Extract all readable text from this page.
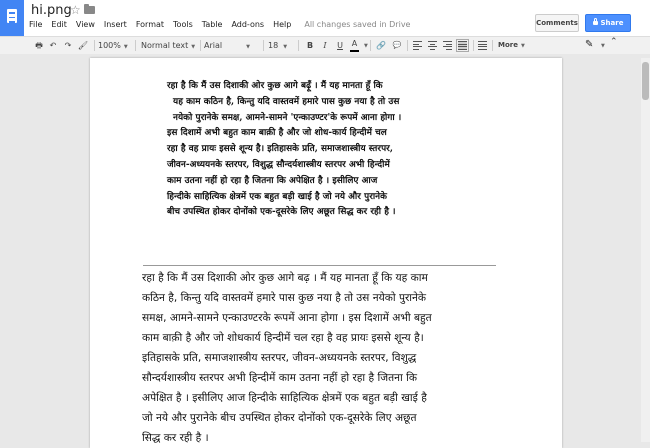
hi.png
☆
File Edit View Insert Format Tools Table Add-ons Help All changes saved in Drive	Comments	Share
🖶 ↶	↷ 🖌 100% ▼ Normal text ▼ Arial	▼	18 ▼	B	I	U A	▼ 🔗 💬	More ▼	✎ ▼ ⌃

रहा है कि मैं उस दिशाकी ओर कुछ आगे बढ़ूँ । मैं यह मानता हूँ कि

यह काम कठिन है, किन्तु यदि वास्तवमें हमारे पास कुछ नया है तो उस

नयेको पुरानेके समक्ष, आमने-सामने 'एन्काउण्टर'के रूपमें आना होगा ।

इस दिशामें अभी बहुत काम बाक़ी है और जो शोध-कार्य हिन्दीमें चल

रहा है वह प्रायः इससे शून्य है। इतिहासके प्रति, समाजशास्त्रीय स्तरपर,

जीवन-अध्ययनके स्तरपर, विशुद्ध सौन्दर्यशास्त्रीय स्तरपर अभी हिन्दीमें

काम उतना नहीं हो रहा है जितना कि अपेक्षित है । इसीलिए आज

हिन्दीके साहित्यिक क्षेत्रमें एक बहुत बड़ी खाई है जो नये और पुरानेके

बीच उपस्थित होकर दोनोंको एक-दूसरेके लिए अछूत सिद्ध कर रही है ।

रहा है कि मैं उस दिशाकी ओर कुछ आगे बढ़ । मैं यह मानता हूँ कि यह काम

कठिन है, किन्तु यदि वास्तवमें हमारे पास कुछ नया है तो उस नयेको पुरानेके

समक्ष, आमने-सामने एन्काउण्टरके रूपमें आना होगा । इस दिशामें अभी बहुत

काम बाक़ी है और जो शोधकार्य हिन्दीमें चल रहा है वह प्रायः इससे शून्य है।

इतिहासके प्रति, समाजशास्त्रीय स्तरपर, जीवन-अध्ययनके स्तरपर, विशुद्ध

सौन्दर्यशास्त्रीय स्तरपर अभी हिन्दीमें काम उतना नहीं हो रहा है जितना कि

अपेक्षित है । इसीलिए आज हिन्दीके साहित्यिक क्षेत्रमें एक बहुत बड़ी खाई है

जो नये और पुरानेके बीच उपस्थित होकर दोनोंको एक-दूसरेके लिए अछूत

सिद्ध कर रही है ।
